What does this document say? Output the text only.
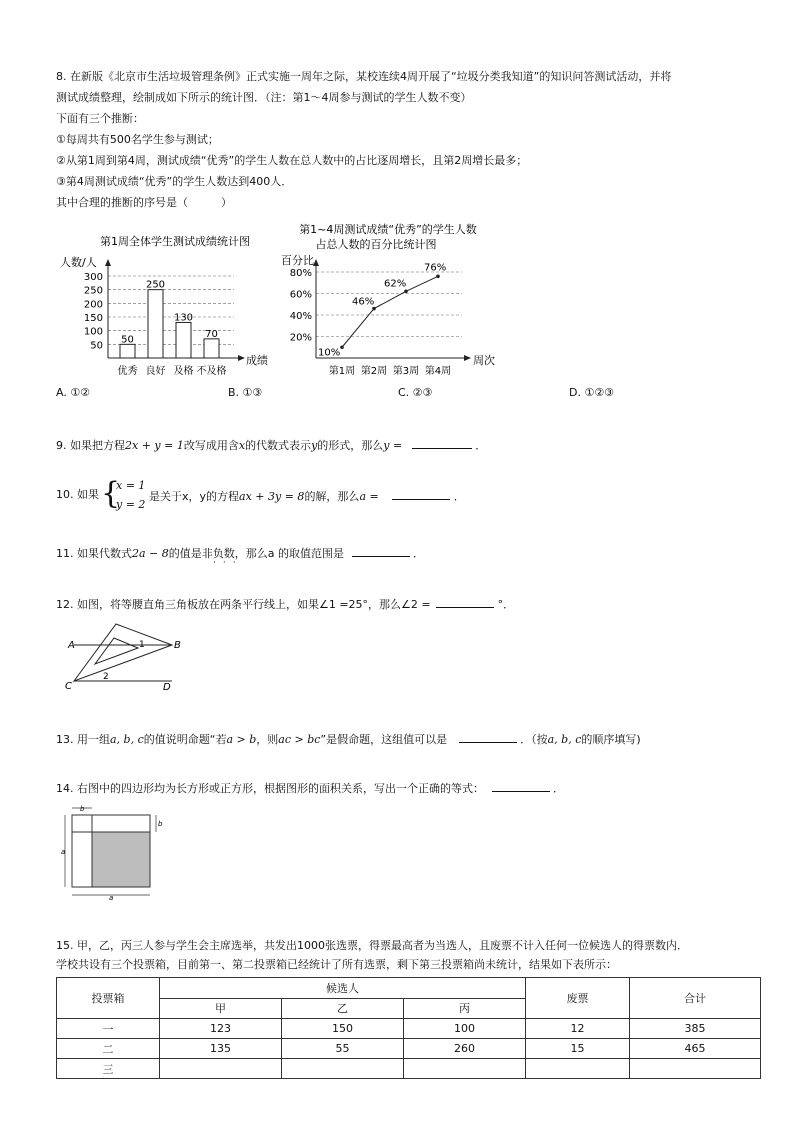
8. 在新版《北京市生活垃圾管理条例》正式实施一周年之际，某校连续4周开展了“垃圾分类我知道”的知识问答测试活动，并将
测试成绩整理，绘制成如下所示的统计图．（注：第1～4周参与测试的学生人数不变）
下面有三个推断：
①每周共有500名学生参与测试；
②从第1周到第4周，测试成绩“优秀”的学生人数在总人数中的占比逐周增长，且第2周增长最多；
③第4周测试成绩“优秀”的学生人数达到400人．
其中合理的推断的序号是（　　　）
第1周全体学生测试成绩统计图
人数/人
成绩
50
250
130
70
50
100
150
200
250
300
优秀 良好 及格 不及格
第1~4周测试成绩“优秀”的学生人数
占总人数的百分比统计图
百分比
周次
10%
46%
62%
76%
20%
40%
60%
80%
第1周 第2周 第3周 第4周
A. ①②	B. ①③	C. ②③	D. ①②③
9. 如果把方程2x + y = 1改写成用含x的代数式表示y的形式，那么y =	．
10. 如果 {
x = 1
y = 2
是关于x，y的方程ax + 3y = 8的解，那么a =	．
11. 如果代数式2a − 8的值是非负数，那么a 的取值范围是	．
···
12. 如图，将等腰直角三角板放在两条平行线上，如果∠1 =25°，那么∠2 =	°．
A	B
C	D
1
2
13. 用一组a, b, c的值说明命题“若a > b，则ac > bc”是假命题，这组值可以是	．（按a, b, c的顺序填写)
14. 右图中的四边形均为长方形或正方形，根据图形的面积关系，写出一个正确的等式：	．
b
b
a
a
15. 甲，乙，丙三人参与学生会主席选举，共发出1000张选票，得票最高者为当选人，且废票不计入任何一位候选人的得票数内．
学校共设有三个投票箱，目前第一、第二投票箱已经统计了所有选票，剩下第三投票箱尚未统计，结果如下表所示：
投票箱	候选人			废票	合计
	甲	乙	丙		
一	123	150	100	12	385
二	135	55	260	15	465
三					
